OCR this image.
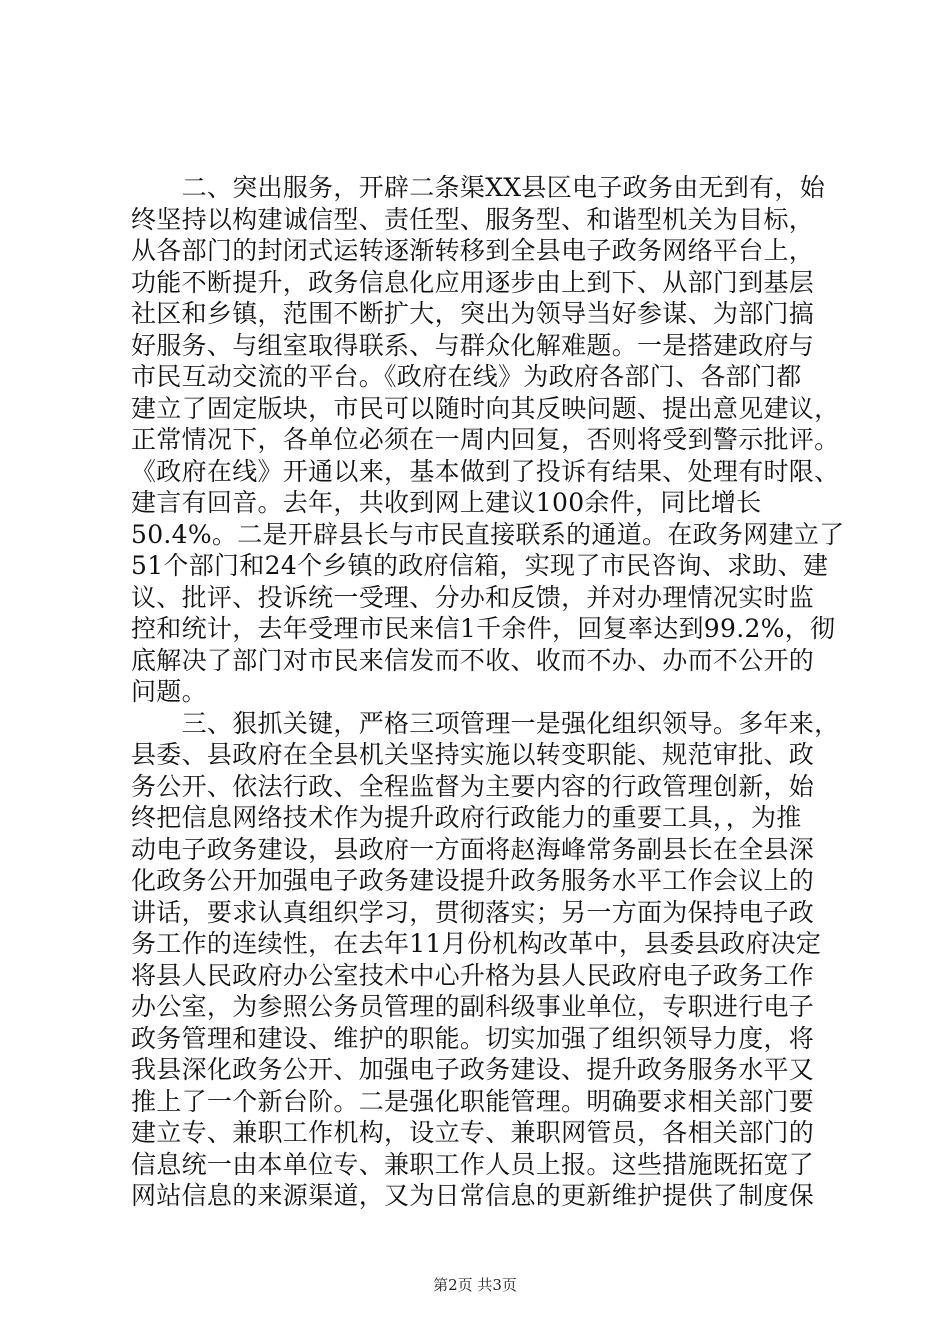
　　二、突出服务，开辟二条渠XX县区电子政务由无到有，始
终坚持以构建诚信型、责任型、服务型、和谐型机关为目标，
从各部门的封闭式运转逐渐转移到全县电子政务网络平台上，
功能不断提升，政务信息化应用逐步由上到下、从部门到基层
社区和乡镇，范围不断扩大，突出为领导当好参谋、为部门搞
好服务、与组室取得联系、与群众化解难题。一是搭建政府与
市民互动交流的平台。《政府在线》为政府各部门、各部门都
建立了固定版块，市民可以随时向其反映问题、提出意见建议，
正常情况下，各单位必须在一周内回复，否则将受到警示批评。
《政府在线》开通以来，基本做到了投诉有结果、处理有时限、
建言有回音。去年，共收到网上建议100余件，同比增长
50.4%。二是开辟县长与市民直接联系的通道。在政务网建立了
51个部门和24个乡镇的政府信箱，实现了市民咨询、求助、建
议、批评、投诉统一受理、分办和反馈，并对办理情况实时监
控和统计，去年受理市民来信1千余件，回复率达到99.2%，彻
底解决了部门对市民来信发而不收、收而不办、办而不公开的
问题。
　　三、狠抓关键，严格三项管理一是强化组织领导。多年来，
县委、县政府在全县机关坚持实施以转变职能、规范审批、政
务公开、依法行政、全程监督为主要内容的行政管理创新，始
终把信息网络技术作为提升政府行政能力的重要工具，，为推
动电子政务建设，县政府一方面将赵海峰常务副县长在全县深
化政务公开加强电子政务建设提升政务服务水平工作会议上的
讲话，要求认真组织学习，贯彻落实；另一方面为保持电子政
务工作的连续性，在去年11月份机构改革中，县委县政府决定
将县人民政府办公室技术中心升格为县人民政府电子政务工作
办公室，为参照公务员管理的副科级事业单位，专职进行电子
政务管理和建设、维护的职能。切实加强了组织领导力度，将
我县深化政务公开、加强电子政务建设、提升政务服务水平又
推上了一个新台阶。二是强化职能管理。明确要求相关部门要
建立专、兼职工作机构，设立专、兼职网管员，各相关部门的
信息统一由本单位专、兼职工作人员上报。这些措施既拓宽了
网站信息的来源渠道，又为日常信息的更新维护提供了制度保
第2页 共3页
